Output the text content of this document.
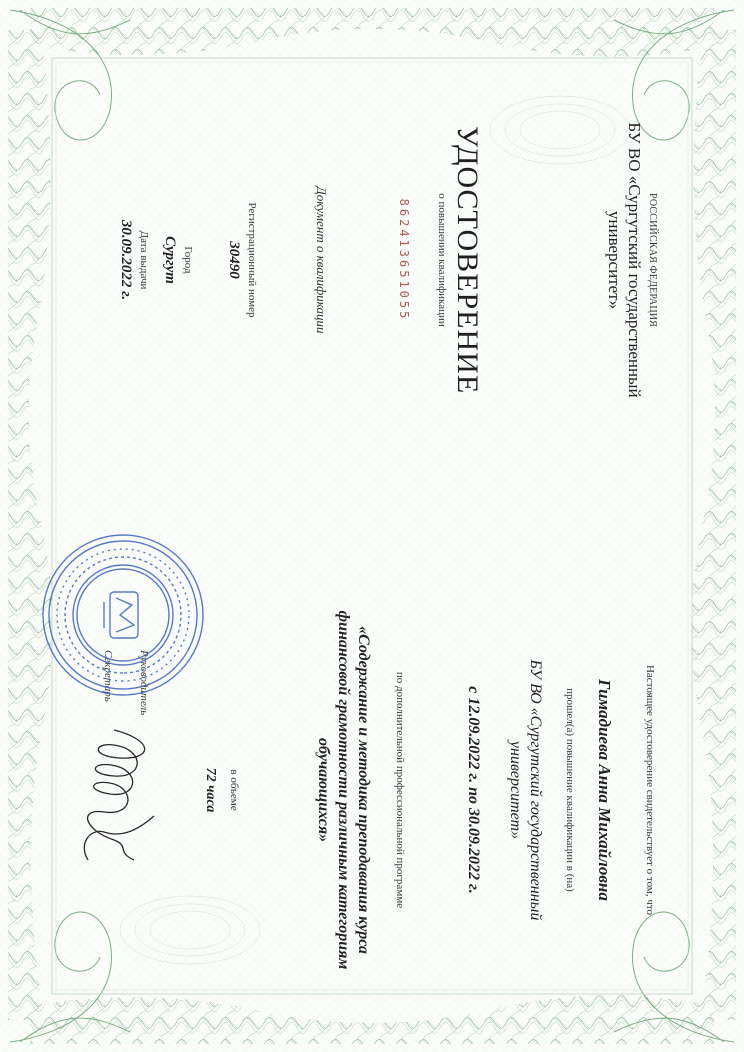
РОССИЙСКАЯ ФЕДЕРАЦИЯ
БУ ВО «Сургутский государственный
университет»
УДОСТОВЕРЕНИЕ
о повышении квалификации
862413651055
Документ о квалификации
Регистрационный номер
30490
Город
Сургут
Дата выдачи
30.09.2022 г.
Настоящее удостоверение свидетельствует о том, что
Гимадиева Анна Михайловна
прошел(а) повышение квалификации в (на)
БУ ВО «Сургутский государственный
университет»
с 12.09.2022 г. по 30.09.2022 г.
по дополнительной профессиональной программе
«Содержание и методика преподавания курса
финансовой грамотности различным категориям
обучающихся»
в объеме
72 часа
Руководитель
Секретарь
